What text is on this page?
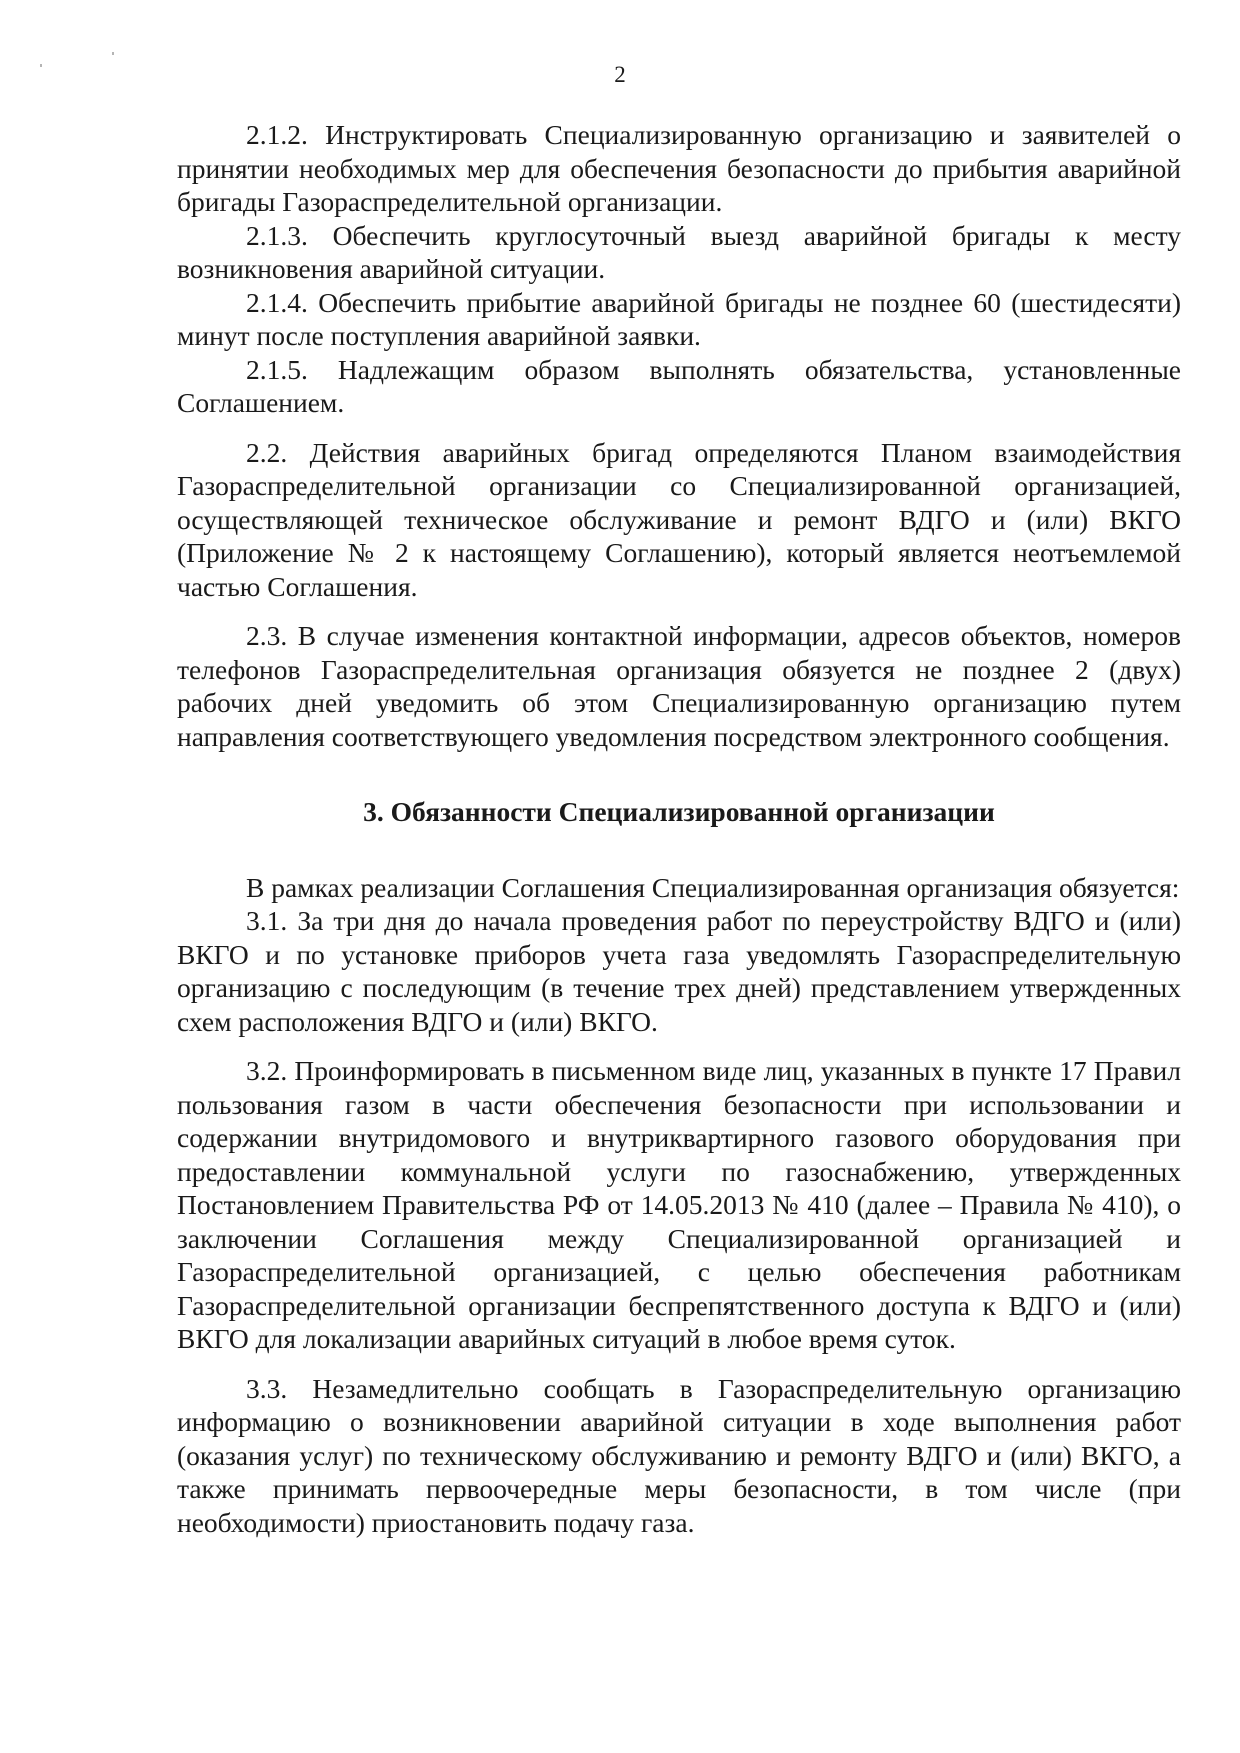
2

2.1.2. Инструктировать Специализированную организацию и заявителей о принятии необходимых мер для обеспечения безопасности до прибытия аварийной бригады Газораспределительной организации.

2.1.3. Обеспечить круглосуточный выезд аварийной бригады к месту возникновения аварийной ситуации.

2.1.4. Обеспечить прибытие аварийной бригады не позднее 60 (шестидесяти) минут после поступления аварийной заявки.

2.1.5. Надлежащим образом выполнять обязательства, установленные Соглашением.

2.2. Действия аварийных бригад определяются Планом взаимодействия Газораспределительной организации со Специализированной организацией, осуществляющей техническое обслуживание и ремонт ВДГО и (или) ВКГО (Приложение № 2 к настоящему Соглашению), который является неотъемлемой частью Соглашения.

2.3. В случае изменения контактной информации, адресов объектов, номеров телефонов Газораспределительная организация обязуется не позднее 2 (двух) рабочих дней уведомить об этом Специализированную организацию путем направления соответствующего уведомления посредством электронного сообщения.

3. Обязанности Специализированной организации

В рамках реализации Соглашения Специализированная организация обязуется:

3.1. За три дня до начала проведения работ по переустройству ВДГО и (или) ВКГО и по установке приборов учета газа уведомлять Газораспределительную организацию с последующим (в течение трех дней) представлением утвержденных схем расположения ВДГО и (или) ВКГО.

3.2. Проинформировать в письменном виде лиц, указанных в пункте 17 Правил пользования газом в части обеспечения безопасности при использовании и содержании внутридомового и внутриквартирного газового оборудования при предоставлении коммунальной услуги по газоснабжению, утвержденных Постановлением Правительства РФ от 14.05.2013 № 410 (далее – Правила № 410), о заключении Соглашения между Специализированной организацией и Газораспределительной организацией, с целью обеспечения работникам Газораспределительной организации беспрепятственного доступа к ВДГО и (или) ВКГО для локализации аварийных ситуаций в любое время суток.

3.3. Незамедлительно сообщать в Газораспределительную организацию информацию о возникновении аварийной ситуации в ходе выполнения работ (оказания услуг) по техническому обслуживанию и ремонту ВДГО и (или) ВКГО, а также принимать первоочередные меры безопасности, в том числе (при необходимости) приостановить подачу газа.
